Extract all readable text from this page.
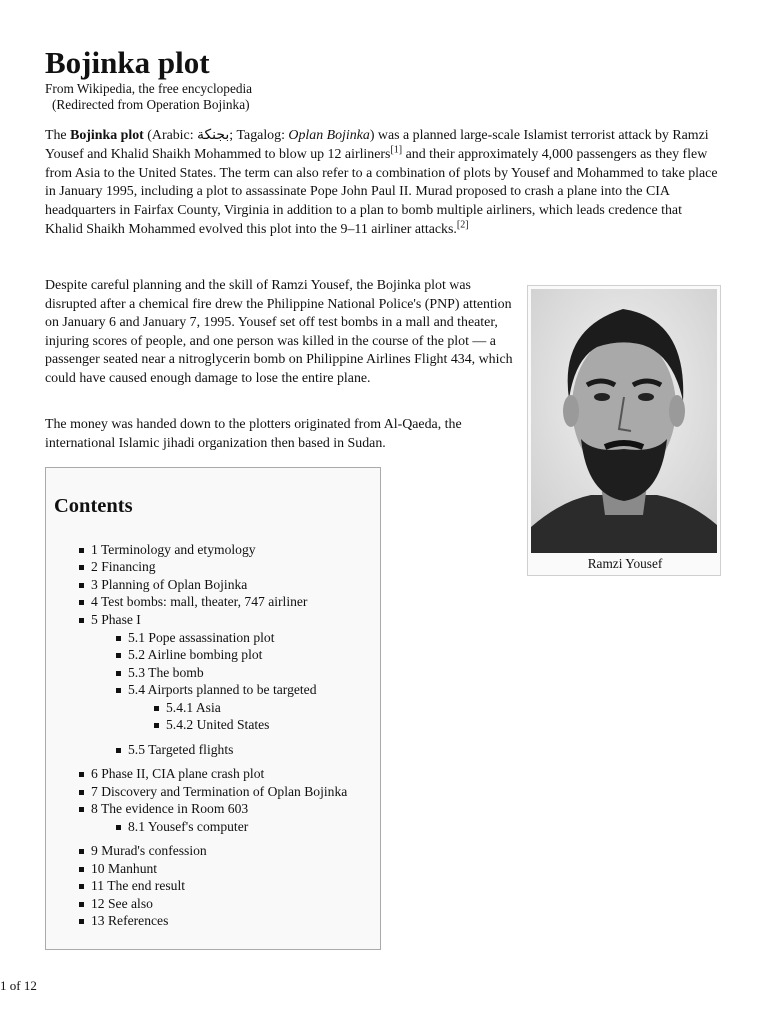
Bojinka plot
From Wikipedia, the free encyclopedia
(Redirected from Operation Bojinka)

The Bojinka plot (Arabic: بجنكة; Tagalog: Oplan Bojinka) was a planned large-scale Islamist terrorist attack by Ramzi Yousef and Khalid Shaikh Mohammed to blow up 12 airliners[1] and their approximately 4,000 passengers as they flew from Asia to the United States. The term can also refer to a combination of plots by Yousef and Mohammed to take place in January 1995, including a plot to assassinate Pope John Paul II. Murad proposed to crash a plane into the CIA headquarters in Fairfax County, Virginia in addition to a plan to bomb multiple airliners, which leads credence that Khalid Shaikh Mohammed evolved this plot into the 9–11 airliner attacks.[2]

Despite careful planning and the skill of Ramzi Yousef, the Bojinka plot was disrupted after a chemical fire drew the Philippine National Police's (PNP) attention on January 6 and January 7, 1995. Yousef set off test bombs in a mall and theater, injuring scores of people, and one person was killed in the course of the plot — a passenger seated near a nitroglycerin bomb on Philippine Airlines Flight 434, which could have caused enough damage to lose the entire plane.

The money was handed down to the plotters originated from Al-Qaeda, the international Islamic jihadi organization then based in Sudan.

Ramzi Yousef
Contents
1 Terminology and etymology
2 Financing
3 Planning of Oplan Bojinka
4 Test bombs: mall, theater, 747 airliner
5 Phase I
5.1 Pope assassination plot
5.2 Airline bombing plot
5.3 The bomb
5.4 Airports planned to be targeted
5.4.1 Asia
5.4.2 United States
5.5 Targeted flights
6 Phase II, CIA plane crash plot
7 Discovery and Termination of Oplan Bojinka
8 The evidence in Room 603
8.1 Yousef's computer
9 Murad's confession
10 Manhunt
11 The end result
12 See also
13 References
1 of 12
